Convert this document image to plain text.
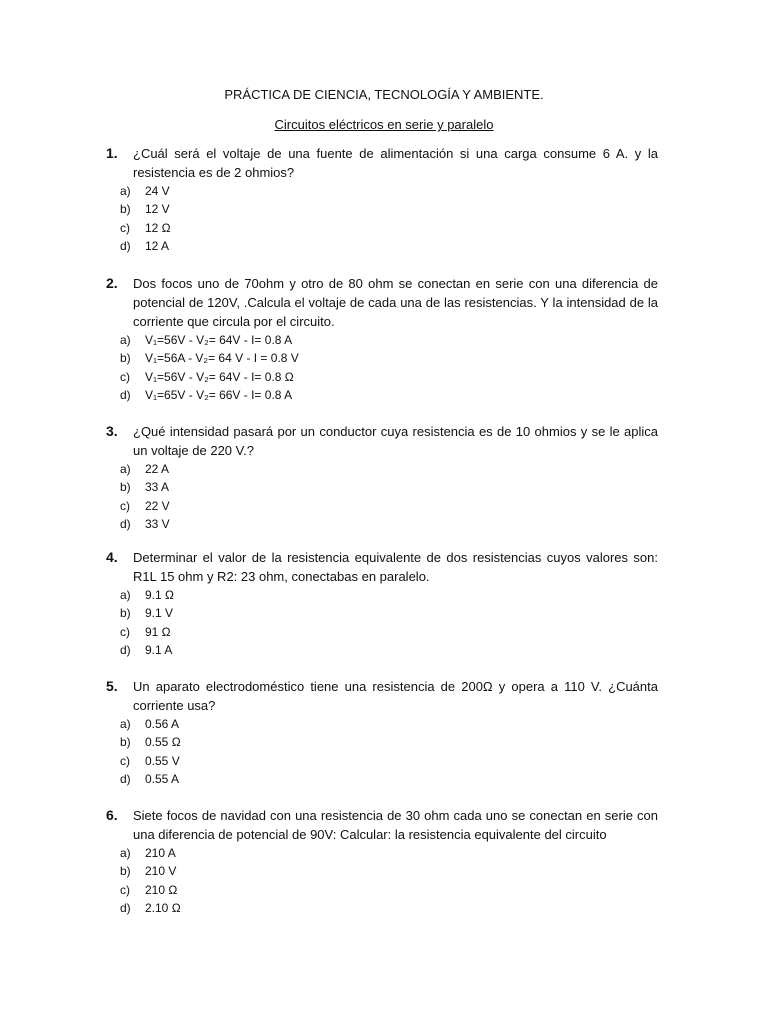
PRÁCTICA DE CIENCIA, TECNOLOGÍA Y AMBIENTE.
Circuitos eléctricos en serie y paralelo
1. ¿Cuál será el voltaje de una fuente de alimentación si una carga consume 6 A. y la resistencia es de 2 ohmios?
a) 24 V
b) 12 V
c) 12 Ω
d) 12 A
2. Dos focos uno de 70ohm y otro de 80 ohm se conectan en serie con una diferencia de potencial de 120V, .Calcula el voltaje de cada una de las resistencias. Y la intensidad de la corriente que circula por el circuito.
a) V₁=56V - V₂= 64V - I= 0.8 A
b) V₁=56A - V₂= 64 V - I = 0.8 V
c) V₁=56V - V₂= 64V - I= 0.8 Ω
d) V₁=65V - V₂= 66V - I= 0.8 A
3. ¿Qué intensidad pasará por un conductor cuya resistencia es de 10 ohmios y se le aplica un voltaje de 220 V.?
a) 22 A
b) 33 A
c) 22 V
d) 33 V
4. Determinar el valor de la resistencia equivalente de dos resistencias cuyos valores son: R1L 15 ohm y R2: 23 ohm, conectabas en paralelo.
a) 9.1 Ω
b) 9.1 V
c) 91 Ω
d) 9.1 A
5. Un aparato electrodoméstico tiene una resistencia de 200Ω y opera a 110 V. ¿Cuánta corriente usa?
a) 0.56 A
b) 0.55 Ω
c) 0.55 V
d) 0.55 A
6. Siete focos de navidad con una resistencia de 30 ohm cada uno se conectan en serie con una diferencia de potencial de 90V: Calcular: la resistencia equivalente del circuito
a) 210 A
b) 210 V
c) 210 Ω
d) 2.10 Ω
